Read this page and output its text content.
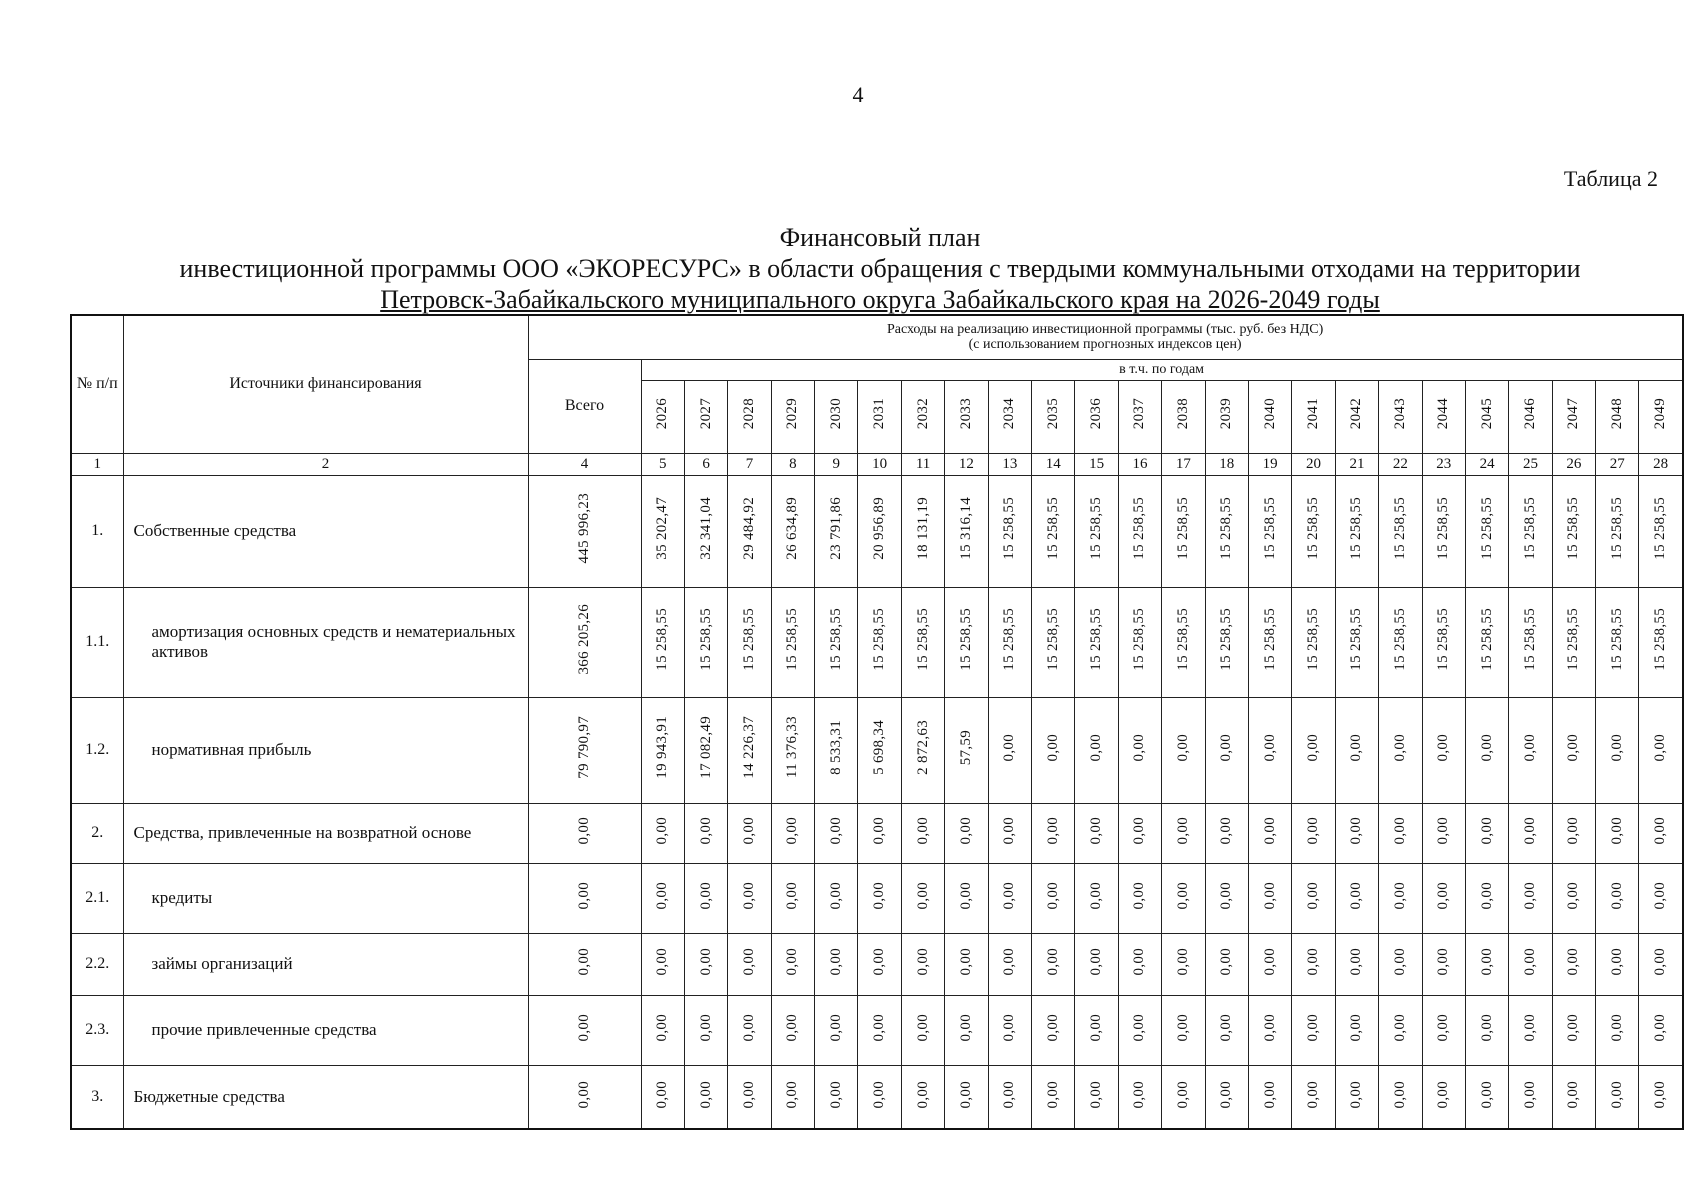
4
Таблица 2
Финансовый план
инвестиционной программы ООО «ЭКОРЕСУРС» в области обращения с твердыми коммунальными отходами на территории
Петровск-Забайкальского муниципального округа Забайкальского края на 2026-2049 годы
№ п/п	Источники финансирования	Расходы на реализацию инвестиционной программы (тыс. руб. без НДС)
(с использованием прогнозных индексов цен)																								

		Всего	в т.ч. по годам																							
			2026	2027	2028	2029	2030	2031	2032	2033	2034	2035	2036	2037	2038	2039	2040	2041	2042	2043	2044	2045	2046	2047	2048	2049
1	2	4	5	6	7	8	9	10	11	12	13	14	15	16	17	18	19	20	21	22	23	24	25	26	27	28
1.	Собственные средства	445 996,23	35 202,47	32 341,04	29 484,92	26 634,89	23 791,86	20 956,89	18 131,19	15 316,14	15 258,55	15 258,55	15 258,55	15 258,55	15 258,55	15 258,55	15 258,55	15 258,55	15 258,55	15 258,55	15 258,55	15 258,55	15 258,55	15 258,55	15 258,55	15 258,55
1.1.	амортизация основных средств и нематериальных активов	366 205,26	15 258,55	15 258,55	15 258,55	15 258,55	15 258,55	15 258,55	15 258,55	15 258,55	15 258,55	15 258,55	15 258,55	15 258,55	15 258,55	15 258,55	15 258,55	15 258,55	15 258,55	15 258,55	15 258,55	15 258,55	15 258,55	15 258,55	15 258,55	15 258,55
1.2.	нормативная прибыль	79 790,97	19 943,91	17 082,49	14 226,37	11 376,33	8 533,31	5 698,34	2 872,63	57,59	0,00	0,00	0,00	0,00	0,00	0,00	0,00	0,00	0,00	0,00	0,00	0,00	0,00	0,00	0,00	0,00
2.	Средства, привлеченные на возвратной основе	0,00	0,00	0,00	0,00	0,00	0,00	0,00	0,00	0,00	0,00	0,00	0,00	0,00	0,00	0,00	0,00	0,00	0,00	0,00	0,00	0,00	0,00	0,00	0,00	0,00
2.1.	кредиты	0,00	0,00	0,00	0,00	0,00	0,00	0,00	0,00	0,00	0,00	0,00	0,00	0,00	0,00	0,00	0,00	0,00	0,00	0,00	0,00	0,00	0,00	0,00	0,00	0,00
2.2.	займы организаций	0,00	0,00	0,00	0,00	0,00	0,00	0,00	0,00	0,00	0,00	0,00	0,00	0,00	0,00	0,00	0,00	0,00	0,00	0,00	0,00	0,00	0,00	0,00	0,00	0,00
2.3.	прочие привлеченные средства	0,00	0,00	0,00	0,00	0,00	0,00	0,00	0,00	0,00	0,00	0,00	0,00	0,00	0,00	0,00	0,00	0,00	0,00	0,00	0,00	0,00	0,00	0,00	0,00	0,00
3.	Бюджетные средства	0,00	0,00	0,00	0,00	0,00	0,00	0,00	0,00	0,00	0,00	0,00	0,00	0,00	0,00	0,00	0,00	0,00	0,00	0,00	0,00	0,00	0,00	0,00	0,00	0,00
